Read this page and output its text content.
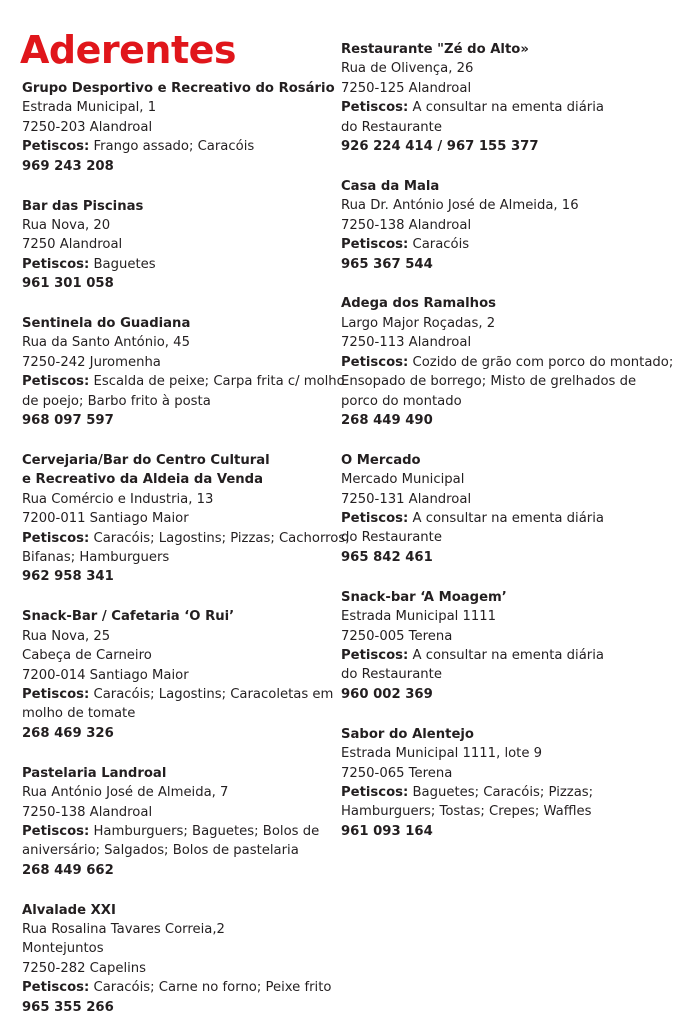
Aderentes
Grupo Desportivo e Recreativo do Rosário
Estrada Municipal, 1
7250-203 Alandroal
Petiscos: Frango assado; Caracóis
969 243 208
Bar das Piscinas
Rua Nova, 20
7250 Alandroal
Petiscos: Baguetes
961 301 058
Sentinela do Guadiana
Rua da Santo António, 45
7250-242 Juromenha
Petiscos: Escalda de peixe; Carpa frita c/ molho
de poejo; Barbo frito à posta
968 097 597
Cervejaria/Bar do Centro Cultural
e Recreativo da Aldeia da Venda
Rua Comércio e Industria, 13
7200-011 Santiago Maior
Petiscos: Caracóis; Lagostins; Pizzas; Cachorros;
Bifanas; Hamburguers
962 958 341
Snack-Bar / Cafetaria ‘O Rui’
Rua Nova, 25
Cabeça de Carneiro
7200-014 Santiago Maior
Petiscos: Caracóis; Lagostins; Caracoletas em
molho de tomate
268 469 326
Pastelaria Landroal
Rua António José de Almeida, 7
7250-138 Alandroal
Petiscos: Hamburguers; Baguetes; Bolos de
aniversário; Salgados; Bolos de pastelaria
268 449 662
Alvalade XXI
Rua Rosalina Tavares Correia,2
Montejuntos
7250-282 Capelins
Petiscos: Caracóis; Carne no forno; Peixe frito
965 355 266
Restaurante "Zé do Alto»
Rua de Olivença, 26
7250-125 Alandroal
Petiscos: A consultar na ementa diária
do Restaurante
926 224 414 / 967 155 377
Casa da Mala
Rua Dr. António José de Almeida, 16
7250-138 Alandroal
Petiscos: Caracóis
965 367 544
Adega dos Ramalhos
Largo Major Roçadas, 2
7250-113 Alandroal
Petiscos: Cozido de grão com porco do montado;
Ensopado de borrego; Misto de grelhados de
porco do montado
268 449 490
O Mercado
Mercado Municipal
7250-131 Alandroal
Petiscos: A consultar na ementa diária
do Restaurante
965 842 461
Snack-bar ‘A Moagem’
Estrada Municipal 1111
7250-005 Terena
Petiscos: A consultar na ementa diária
do Restaurante
960 002 369
Sabor do Alentejo
Estrada Municipal 1111, lote 9
7250-065 Terena
Petiscos: Baguetes; Caracóis; Pizzas;
Hamburguers; Tostas; Crepes; Waffles
961 093 164
